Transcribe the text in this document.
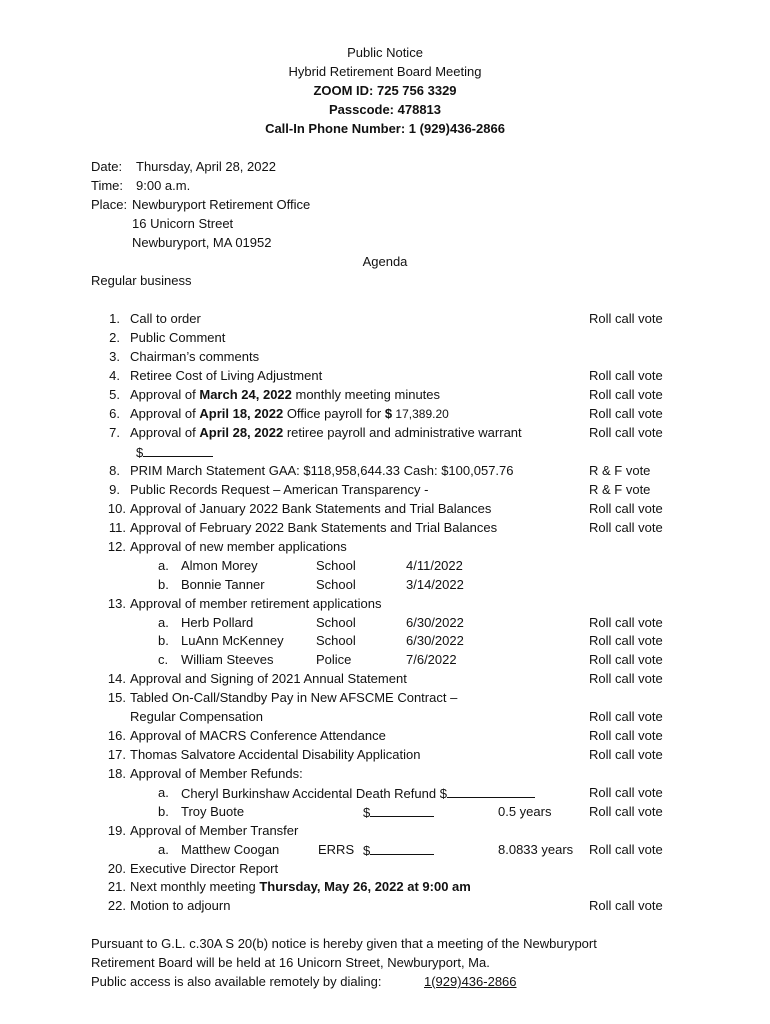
Public Notice
Hybrid Retirement Board Meeting
ZOOM ID: 725 756 3329
Passcode: 478813
Call-In Phone Number: 1 (929)436-2866
Date: Thursday, April 28, 2022
Time: 9:00 a.m.
Place: Newburyport Retirement Office
16 Unicorn Street
Newburyport, MA 01952
Agenda
Regular business
1. Call to order	Roll call vote
2. Public Comment
3. Chairman’s comments
4. Retiree Cost of Living Adjustment	Roll call vote
5. Approval of March 24, 2022 monthly meeting minutes	Roll call vote
6. Approval of April 18, 2022 Office payroll for $ 17,389.20	Roll call vote
7. Approval of April 28, 2022 retiree payroll and administrative warrant	Roll call vote
$
8. PRIM March Statement GAA: $118,958,644.33 Cash: $100,057.76	R & F vote
9. Public Records Request – American Transparency -	R & F vote
10. Approval of January 2022 Bank Statements and Trial Balances	Roll call vote
11. Approval of February 2022 Bank Statements and Trial Balances	Roll call vote
12. Approval of new member applications
a. Almon Morey	School	4/11/2022
b. Bonnie Tanner	School	3/14/2022
13. Approval of member retirement applications
a. Herb Pollard	School	6/30/2022	Roll call vote
b. LuAnn McKenney School	6/30/2022	Roll call vote
c. William Steeves	Police	7/6/2022	Roll call vote
14. Approval and Signing of 2021 Annual Statement	Roll call vote
15. Tabled On-Call/Standby Pay in New AFSCME Contract –
Regular Compensation	Roll call vote
16. Approval of MACRS Conference Attendance	Roll call vote
17. Thomas Salvatore Accidental Disability Application	Roll call vote
18. Approval of Member Refunds:
a. Cheryl Burkinshaw Accidental Death Refund $	Roll call vote
b. Troy Buote	$	0.5 years	Roll call vote
19. Approval of Member Transfer
a. Matthew Coogan	ERRS $	8.0833 years Roll call vote
20. Executive Director Report
21. Next monthly meeting Thursday, May 26, 2022 at 9:00 am
22. Motion to adjourn	Roll call vote
Pursuant to G.L. c.30A S 20(b) notice is hereby given that a meeting of the Newburyport
Retirement Board will be held at 16 Unicorn Street, Newburyport, Ma.
Public access is also available remotely by dialing:	1(929)436-2866
